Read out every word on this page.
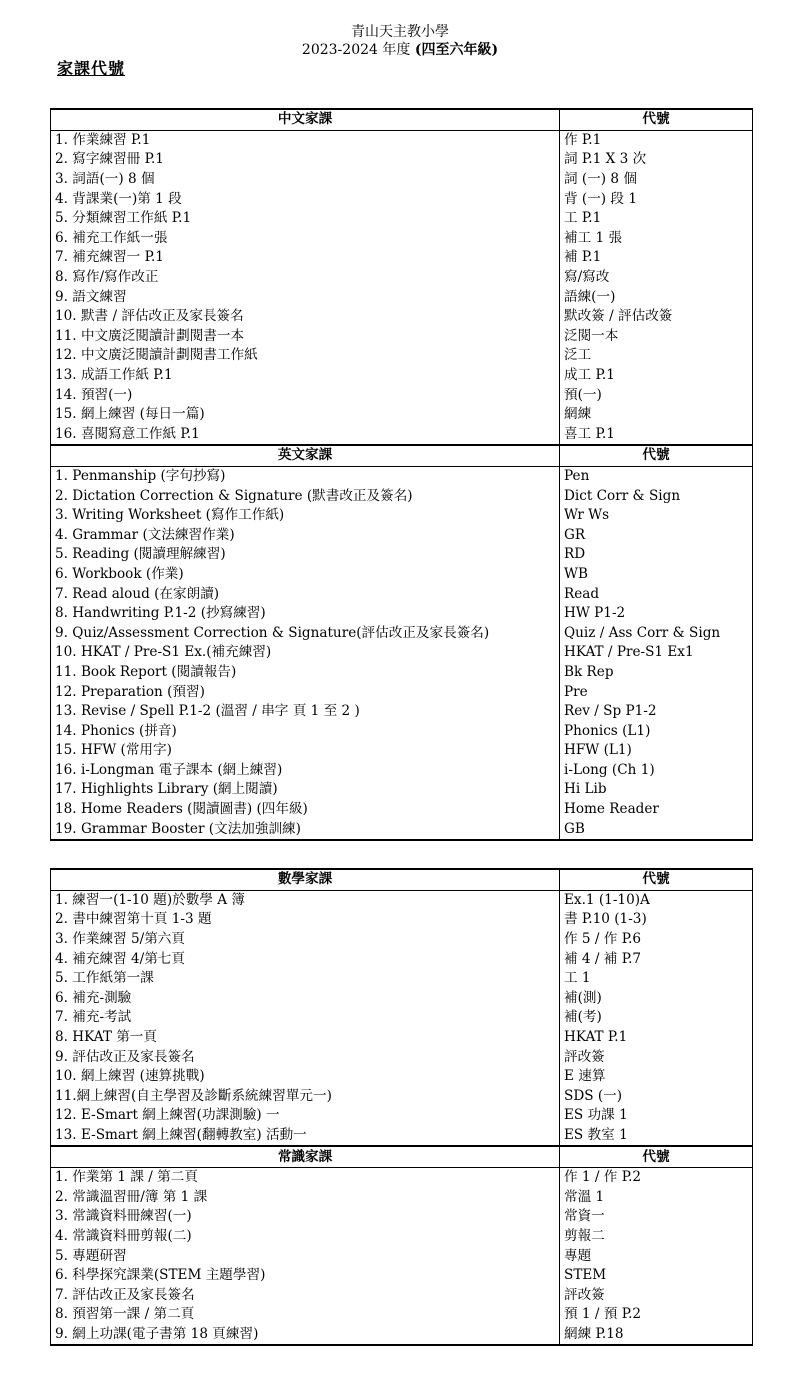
青山天主教小學
2023-2024 年度 (四至六年級)
家課代號
中文家課	代號
1. 作業練習 P.1	作 P.1
2. 寫字練習冊 P.1	詞 P.1 X 3 次
3. 詞語(一) 8 個	詞 (一) 8 個
4. 背課業(一)第 1 段	背 (一) 段 1
5. 分類練習工作紙 P.1	工 P.1
6. 補充工作紙一張	補工 1 張
7. 補充練習一 P.1	補 P.1
8. 寫作/寫作改正	寫/寫改
9. 語文練習	語練(一)
10. 默書 / 評估改正及家長簽名	默改簽 / 評估改簽
11. 中文廣泛閱讀計劃閱書一本	泛閱一本
12. 中文廣泛閱讀計劃閱書工作紙	泛工
13. 成語工作紙 P.1	成工 P.1
14. 預習(一)	預(一)
15. 網上練習 (每日一篇)	網練
16. 喜閱寫意工作紙 P.1	喜工 P.1
英文家課	代號
1. Penmanship (字句抄寫)	Pen
2. Dictation Correction & Signature (默書改正及簽名)	Dict Corr & Sign
3. Writing Worksheet (寫作工作紙)	Wr Ws
4. Grammar (文法練習作業)	GR
5. Reading (閱讀理解練習)	RD
6. Workbook (作業)	WB
7. Read aloud (在家朗讀)	Read
8. Handwriting P.1-2 (抄寫練習)	HW P1-2
9. Quiz/Assessment Correction & Signature(評估改正及家長簽名)	Quiz / Ass Corr & Sign
10. HKAT / Pre-S1 Ex.(補充練習)	HKAT / Pre-S1 Ex1
11. Book Report (閱讀報告)	Bk Rep
12. Preparation (預習)	Pre
13. Revise / Spell P.1-2 (溫習 / 串字 頁 1 至 2 )	Rev / Sp P1-2
14. Phonics (拼音)	Phonics (L1)
15. HFW (常用字)	HFW (L1)
16. i-Longman 電子課本 (網上練習)	i-Long (Ch 1)
17. Highlights Library (網上閱讀)	Hi Lib
18. Home Readers (閱讀圖書) (四年級)	Home Reader
19. Grammar Booster (文法加強訓練)	GB
數學家課	代號
1. 練習一(1-10 題)於數學 A 簿	Ex.1 (1-10)A
2. 書中練習第十頁 1-3 題	書 P.10 (1-3)
3. 作業練習 5/第六頁	作 5 / 作 P.6
4. 補充練習 4/第七頁	補 4 / 補 P.7
5. 工作紙第一課	工 1
6. 補充-測驗	補(測)
7. 補充-考試	補(考)
8. HKAT 第一頁	HKAT P.1
9. 評估改正及家長簽名	評改簽
10. 網上練習 (速算挑戰)	E 速算
11.網上練習(自主學習及診斷系統練習單元一)	SDS (一)
12. E-Smart 網上練習(功課測驗) 一	ES 功課 1
13. E-Smart 網上練習(翻轉教室) 活動一	ES 教室 1
常識家課	代號
1. 作業第 1 課 / 第二頁	作 1 / 作 P.2
2. 常識溫習冊/簿 第 1 課	常溫 1
3. 常識資料冊練習(一)	常資一
4. 常識資料冊剪報(二)	剪報二
5. 專題研習	專題
6. 科學探究課業(STEM 主題學習)	STEM
7. 評估改正及家長簽名	評改簽
8. 預習第一課 / 第二頁	預 1 / 預 P.2
9. 網上功課(電子書第 18 頁練習)	網練 P.18
